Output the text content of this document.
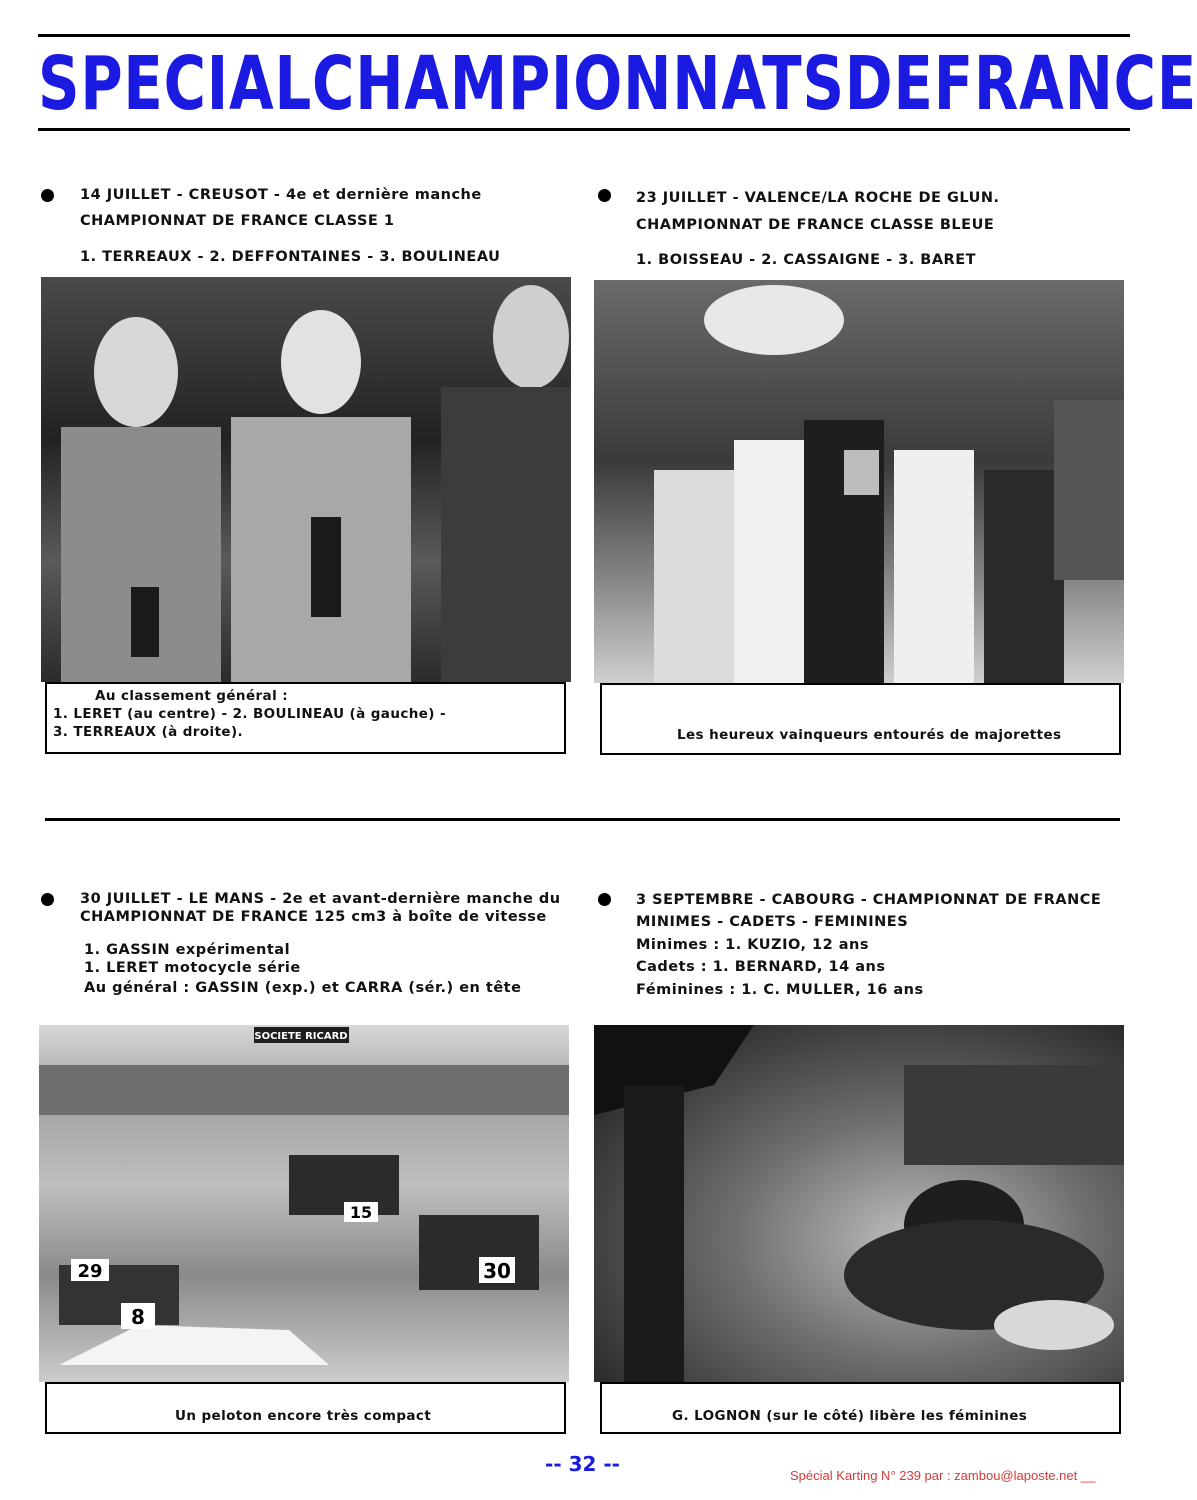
SPECIAL CHAMPIONNATS DE FRANCE
14 JUILLET - CREUSOT - 4e et dernière manche
CHAMPIONNAT DE FRANCE CLASSE 1
1. TERREAUX - 2. DEFFONTAINES - 3. BOULINEAU
Au classement général :
1. LERET (au centre) - 2. BOULINEAU (à gauche) -
3. TERREAUX (à droite).
23 JUILLET - VALENCE/LA ROCHE DE GLUN.
CHAMPIONNAT DE FRANCE CLASSE BLEUE
1. BOISSEAU - 2. CASSAIGNE - 3. BARET
Les heureux vainqueurs entourés de majorettes
30 JUILLET - LE MANS - 2e et avant-dernière manche du
CHAMPIONNAT DE FRANCE 125 cm3 à boîte de vitesse
1. GASSIN expérimental
1. LERET motocycle série
Au général : GASSIN (exp.) et CARRA (sér.) en tête
SOCIETE RICARD
29
15
30
8
Un peloton encore très compact
3 SEPTEMBRE - CABOURG - CHAMPIONNAT DE FRANCE
MINIMES - CADETS - FEMININES
Minimes : 1. KUZIO, 12 ans
Cadets : 1. BERNARD, 14 ans
Féminines : 1. C. MULLER, 16 ans
G. LOGNON (sur le côté) libère les féminines
-- 32 --	Spécial Karting N° 239 par : zambou@laposte.net __
